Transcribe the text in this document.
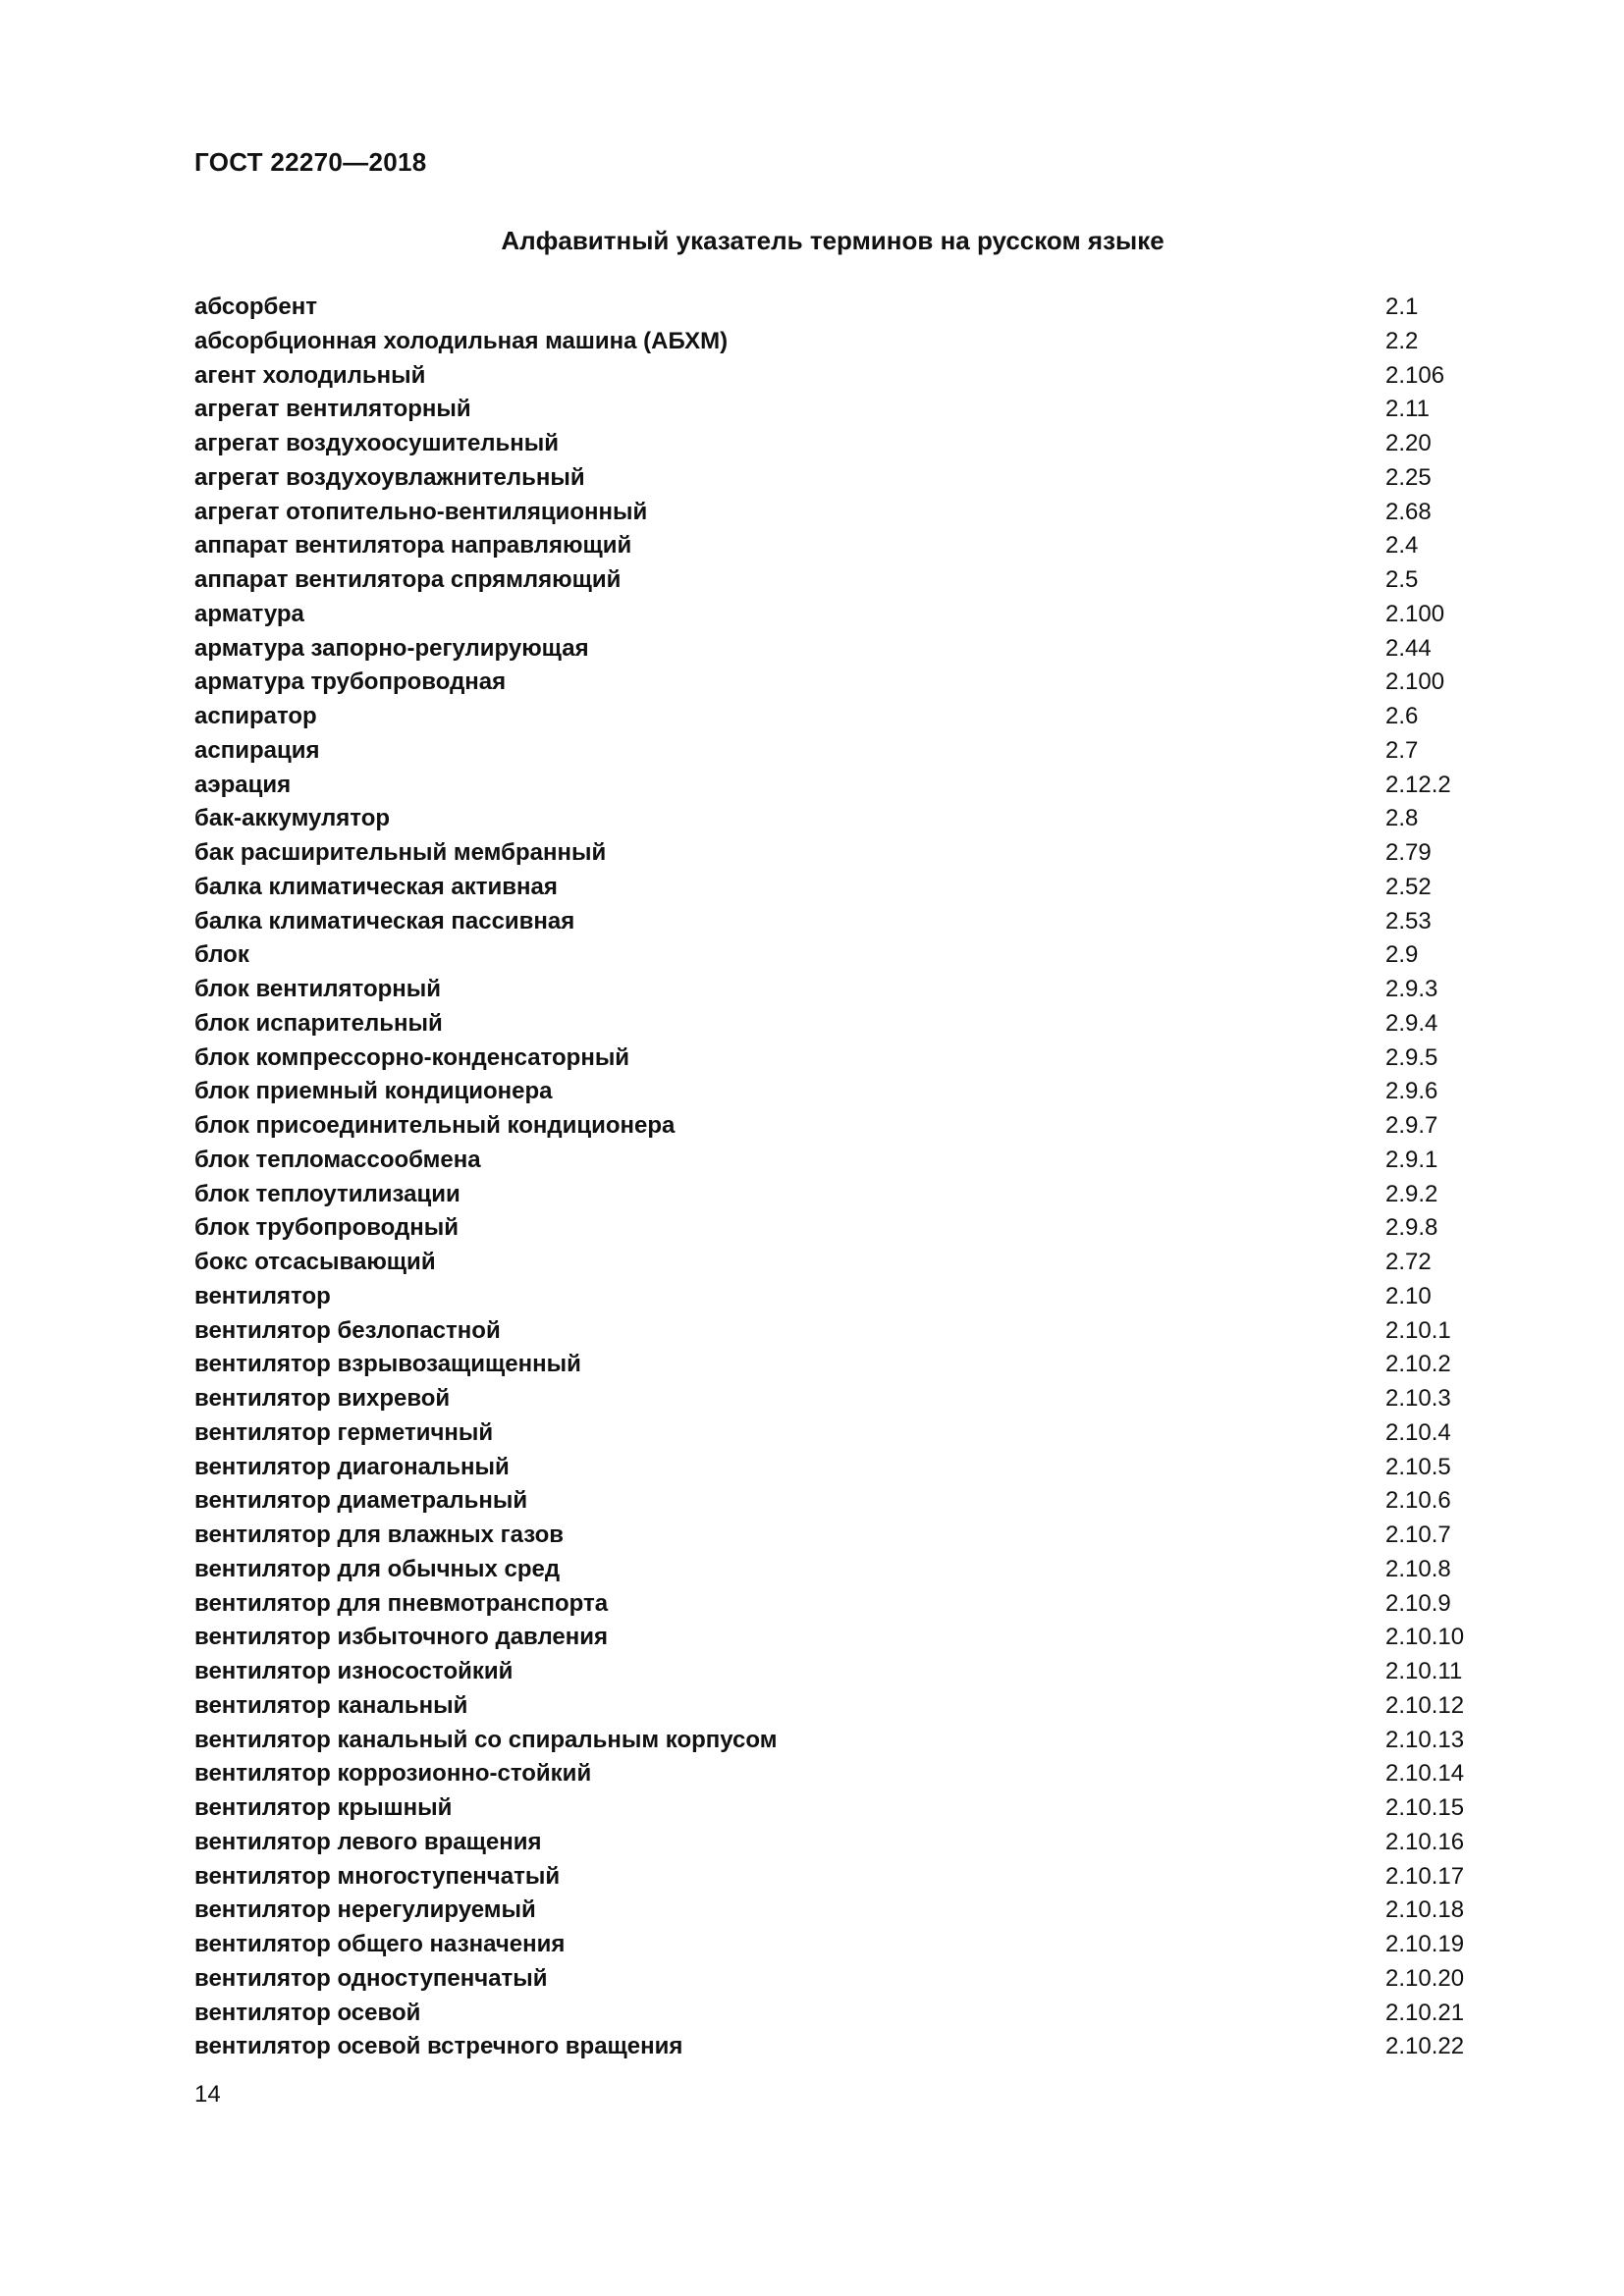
ГОСТ 22270—2018
Алфавитный указатель терминов на русском языке
абсорбент	2.1
абсорбционная холодильная машина (АБХМ)	2.2
агент холодильный	2.106
агрегат вентиляторный	2.11
агрегат воздухоосушительный	2.20
агрегат воздухоувлажнительный	2.25
агрегат отопительно-вентиляционный	2.68
аппарат вентилятора направляющий	2.4
аппарат вентилятора спрямляющий	2.5
арматура	2.100
арматура запорно-регулирующая	2.44
арматура трубопроводная	2.100
аспиратор	2.6
аспирация	2.7
аэрация	2.12.2
бак-аккумулятор	2.8
бак расширительный мембранный	2.79
балка климатическая активная	2.52
балка климатическая пассивная	2.53
блок	2.9
блок вентиляторный	2.9.3
блок испарительный	2.9.4
блок компрессорно-конденсаторный	2.9.5
блок приемный кондиционера	2.9.6
блок присоединительный кондиционера	2.9.7
блок тепломассообмена	2.9.1
блок теплоутилизации	2.9.2
блок трубопроводный	2.9.8
бокс отсасывающий	2.72
вентилятор	2.10
вентилятор безлопастной	2.10.1
вентилятор взрывозащищенный	2.10.2
вентилятор вихревой	2.10.3
вентилятор герметичный	2.10.4
вентилятор диагональный	2.10.5
вентилятор диаметральный	2.10.6
вентилятор для влажных газов	2.10.7
вентилятор для обычных сред	2.10.8
вентилятор для пневмотранспорта	2.10.9
вентилятор избыточного давления	2.10.10
вентилятор износостойкий	2.10.11
вентилятор канальный	2.10.12
вентилятор канальный со спиральным корпусом	2.10.13
вентилятор коррозионно-стойкий	2.10.14
вентилятор крышный	2.10.15
вентилятор левого вращения	2.10.16
вентилятор многоступенчатый	2.10.17
вентилятор нерегулируемый	2.10.18
вентилятор общего назначения	2.10.19
вентилятор одноступенчатый	2.10.20
вентилятор осевой	2.10.21
вентилятор осевой встречного вращения	2.10.22
14
